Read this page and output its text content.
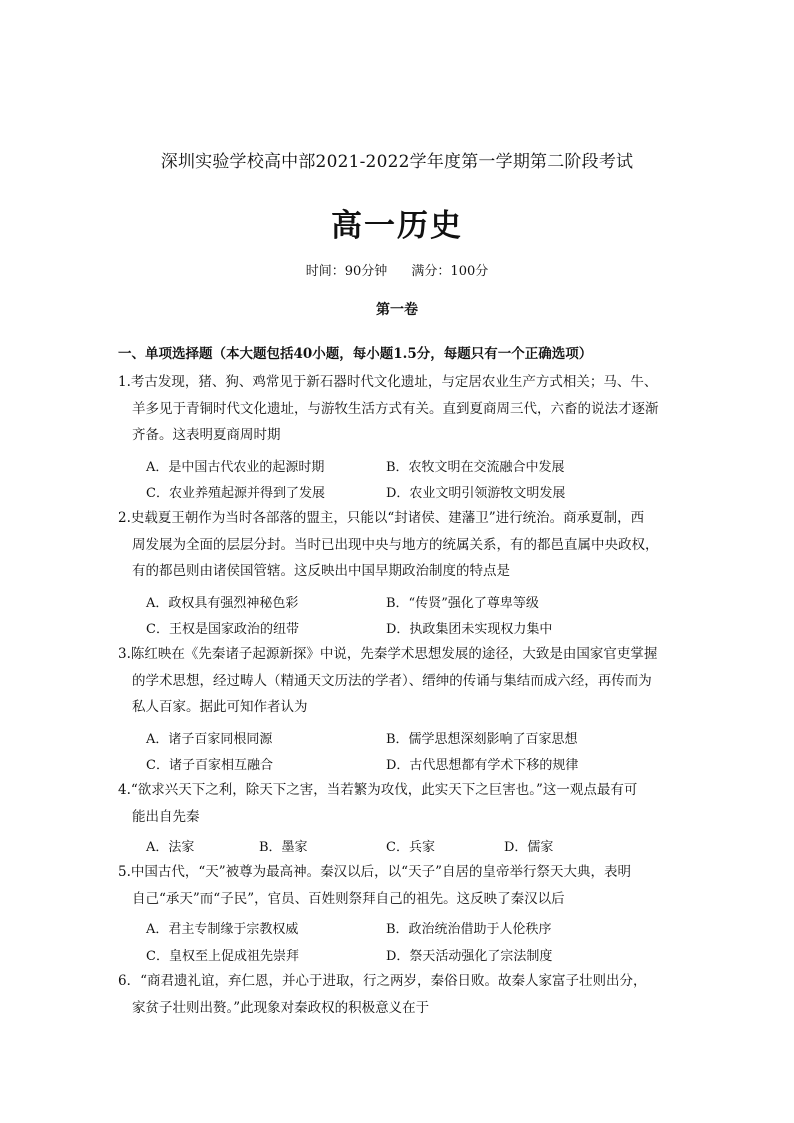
深圳实验学校高中部2021-2022学年度第一学期第二阶段考试
高一历史
时间：90分钟 满分：100分
第一卷
一、单项选择题（本大题包括40小题，每小题1.5分，每题只有一个正确选项）
1.考古发现，猪、狗、鸡常见于新石器时代文化遗址，与定居农业生产方式相关；马、牛、
羊多见于青铜时代文化遗址，与游牧生活方式有关。直到夏商周三代，六畜的说法才逐渐
齐备。这表明夏商周时期
A．是中国古代农业的起源时期	B．农牧文明在交流融合中发展
C．农业养殖起源并得到了发展	D．农业文明引领游牧文明发展
2.史载夏王朝作为当时各部落的盟主，只能以“封诸侯、建藩卫”进行统治。商承夏制，西
周发展为全面的层层分封。当时已出现中央与地方的统属关系，有的都邑直属中央政权，
有的都邑则由诸侯国管辖。这反映出中国早期政治制度的特点是
A．政权具有强烈神秘色彩	B．“传贤”强化了尊卑等级
C．王权是国家政治的纽带	D．执政集团未实现权力集中
3.陈红映在《先秦诸子起源新探》中说，先秦学术思想发展的途径，大致是由国家官吏掌握
的学术思想，经过畴人（精通天文历法的学者）、缙绅的传诵与集结而成六经，再传而为
私人百家。据此可知作者认为
A．诸子百家同根同源	B．儒学思想深刻影响了百家思想
C．诸子百家相互融合	D．古代思想都有学术下移的规律
4.“欲求兴天下之利，除天下之害，当若繁为攻伐，此实天下之巨害也。”这一观点最有可
能出自先秦
A．法家	B．墨家	C．兵家	D．儒家
5.中国古代，“天”被尊为最高神。秦汉以后，以“天子”自居的皇帝举行祭天大典，表明
自己“承天”而“子民”，官员、百姓则祭拜自己的祖先。这反映了秦汉以后
A．君主专制缘于宗教权威	B．政治统治借助于人伦秩序
C．皇权至上促成祖先崇拜	D．祭天活动强化了宗法制度
6．“商君遗礼谊，弃仁恩，并心于进取，行之两岁，秦俗日败。故秦人家富子壮则出分，
家贫子壮则出赘。”此现象对秦政权的积极意义在于
